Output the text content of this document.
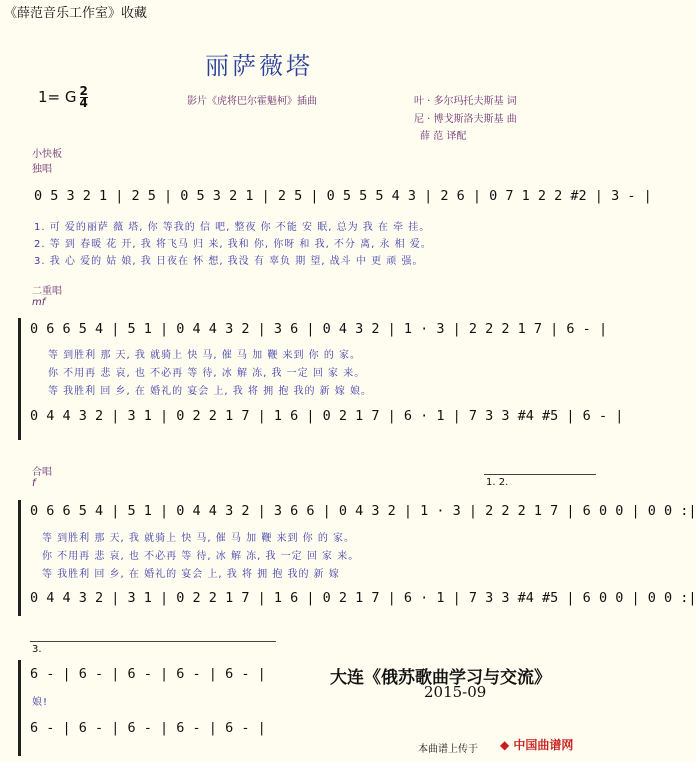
《薛范音乐工作室》收藏
丽萨薇塔
1= G $\frac{2}{4}$	影片《虎将巴尔霍魁柯》插曲	叶 · 多尔玛托夫斯基 词
尼 · 博戈斯洛夫斯基 曲
薛 范 译配
小快板
独唱
0 5 3 2 1 | 2 5 | 0 5 3 2 1 | 2 5 | 0 5 5 5 4 3 | 2 6 | 0 7 1 2 2 #2 | 3 - |
1. 可 爱的丽萨 薇 塔, 你 等我的 信 吧, 整夜 你 不能 安 眠, 总为 我 在 牵 挂。
2. 等 到 春暖 花 开, 我 将飞马 归 来, 我和 你, 你呀 和 我, 不分 离, 永 相 爱。
3. 我 心 爱的 姑 娘, 我 日夜在 怀 想, 我没 有 辜负 期 望, 战斗 中 更 顽 强。
二重唱
mf
0 6 6 5 4 | 5 1 | 0 4 4 3 2 | 3 6 | 0 4 3 2 | 1 · 3 | 2 2 2 1 7 | 6 - |
等 到胜利 那 天, 我 就骑上 快 马, 催 马 加 鞭 来到 你 的 家。
你 不用再 悲 哀, 也 不必再 等 待, 冰 解 冻, 我 一定 回 家 来。
等 我胜利 回 乡, 在 婚礼的 宴会 上, 我 将 拥 抱 我的 新 嫁 娘。
0 4 4 3 2 | 3 1 | 0 2 2 1 7 | 1 6 | 0 2 1 7 | 6 · 1 | 7 3 3 #4 #5 | 6 - |
合唱
f	1. 2.
0 6 6 5 4 | 5 1 | 0 4 4 3 2 | 3 6 6 | 0 4 3 2 | 1 · 3 | 2 2 2 1 7 | 6 0 0 | 0 0 :|
等 到胜利 那 天, 我 就骑上 快 马, 催 马 加 鞭 来到 你 的 家。
你 不用再 悲 哀, 也 不必再 等 待, 冰 解 冻, 我 一定 回 家 来。
等 我胜利 回 乡, 在 婚礼的 宴会 上, 我 将 拥 抱 我的 新 嫁
0 4 4 3 2 | 3 1 | 0 2 2 1 7 | 1 6 | 0 2 1 7 | 6 · 1 | 7 3 3 #4 #5 | 6 0 0 | 0 0 :|
3.
6 - | 6 - | 6 - | 6 - | 6 - |
娘!
6 - | 6 - | 6 - | 6 - | 6 - |
大连《俄苏歌曲学习与交流》
2015-09
本曲谱上传于 ◆ 中国曲谱网
